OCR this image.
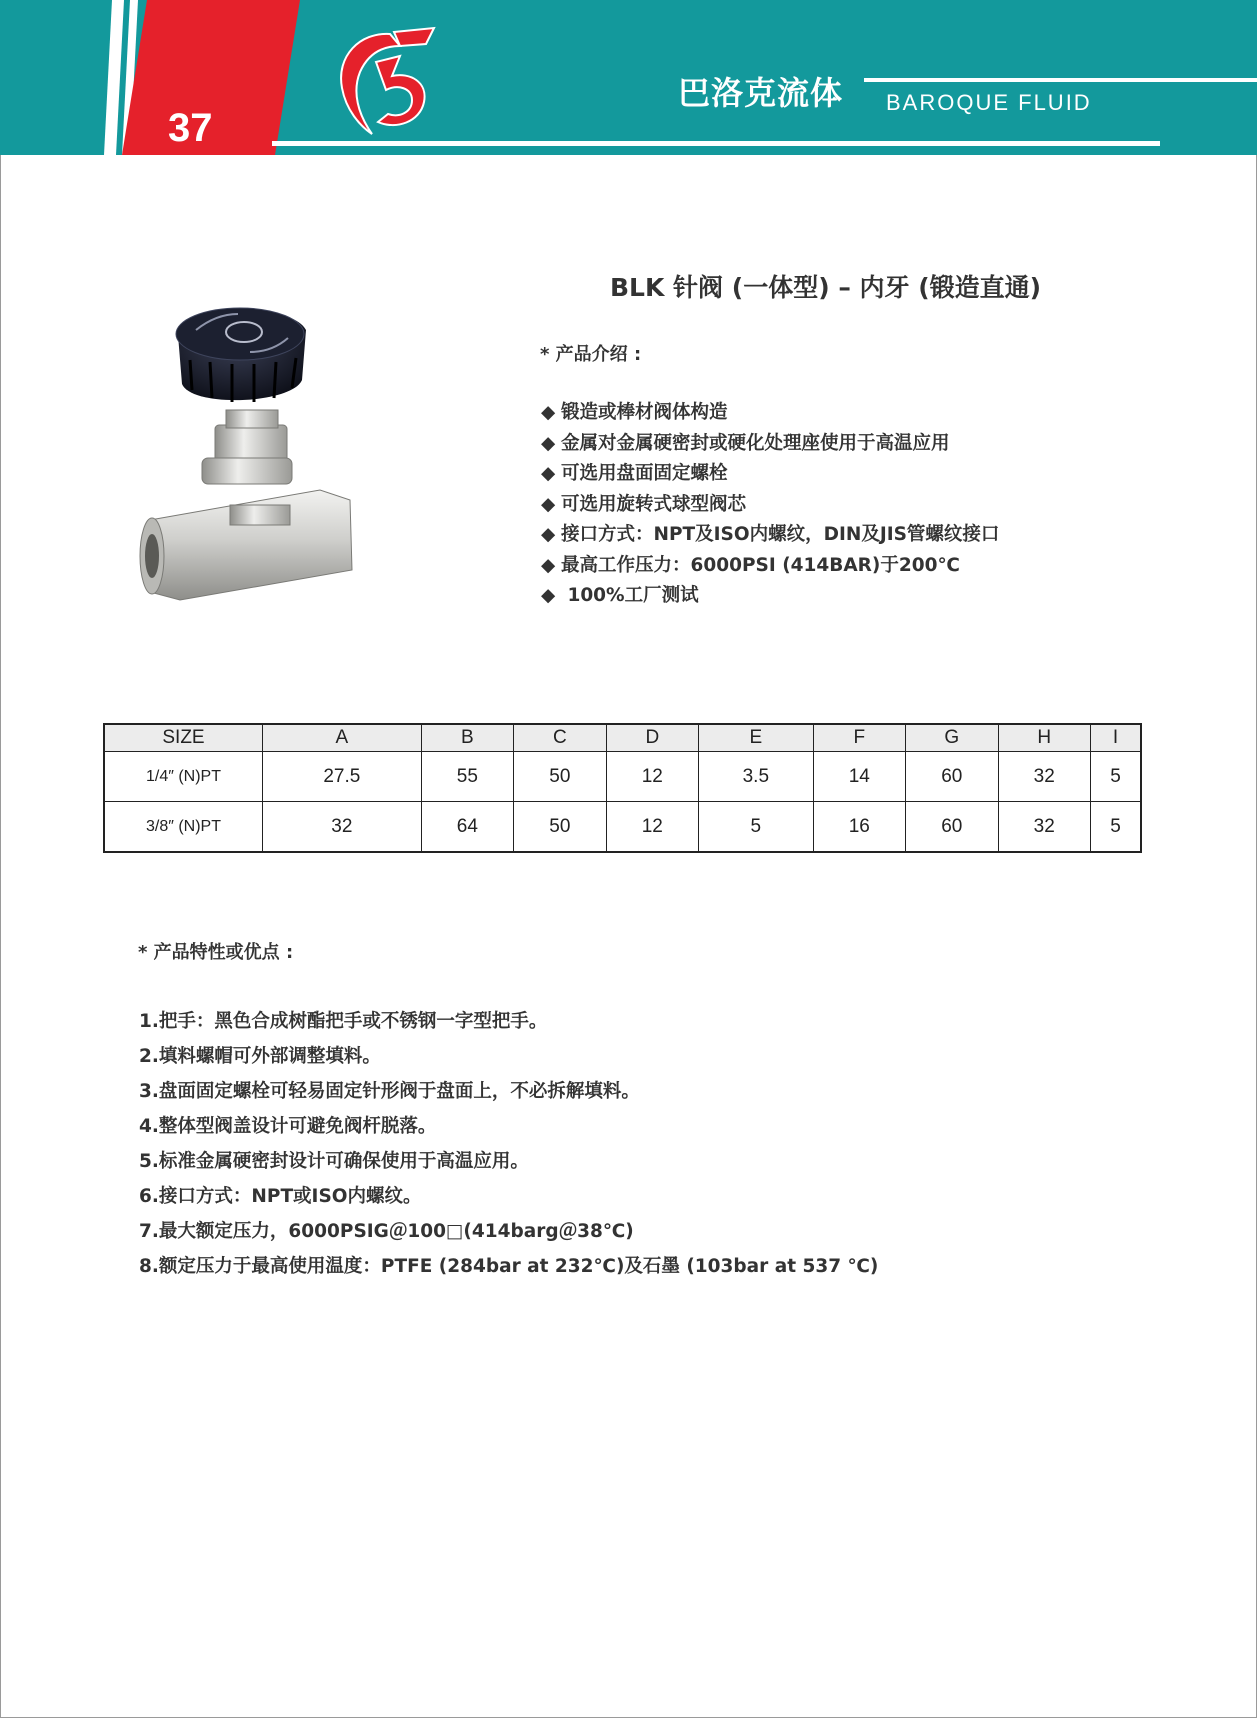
37
巴洛克流体 BAROQUE FLUID
BLK 针阀 (一体型) – 内牙 (锻造直通)
* 产品介绍 :
◆ 锻造或棒材阀体构造
◆ 金属对金属硬密封或硬化处理座使用于高温应用
◆ 可选用盘面固定螺栓
◆ 可选用旋转式球型阀芯
◆ 接口方式：NPT及ISO内螺纹，DIN及JIS管螺纹接口
◆ 最高工作压力：6000PSI (414BAR)于200℃
◆ 100%工厂测试
SIZE	A	B	C	D	E	F	G	H	I
1/4″ (N)PT	27.5	55	50	12	3.5	14	60	32	5
3/8″ (N)PT	32	64	50	12	5	16	60	32	5
* 产品特性或优点 :
1.把手：黑色合成树酯把手或不锈钢一字型把手。
2.填料螺帽可外部调整填料。
3.盘面固定螺栓可轻易固定针形阀于盘面上，不必拆解填料。
4.整体型阀盖设计可避免阀杆脱落。
5.标准金属硬密封设计可确保使用于高温应用。
6.接口方式：NPT或ISO内螺纹。
7.最大额定压力，6000PSIG＠100□(414barg＠38℃)
8.额定压力于最高使用温度：PTFE (284bar at 232℃)及石墨 (103bar at 537 ℃)
